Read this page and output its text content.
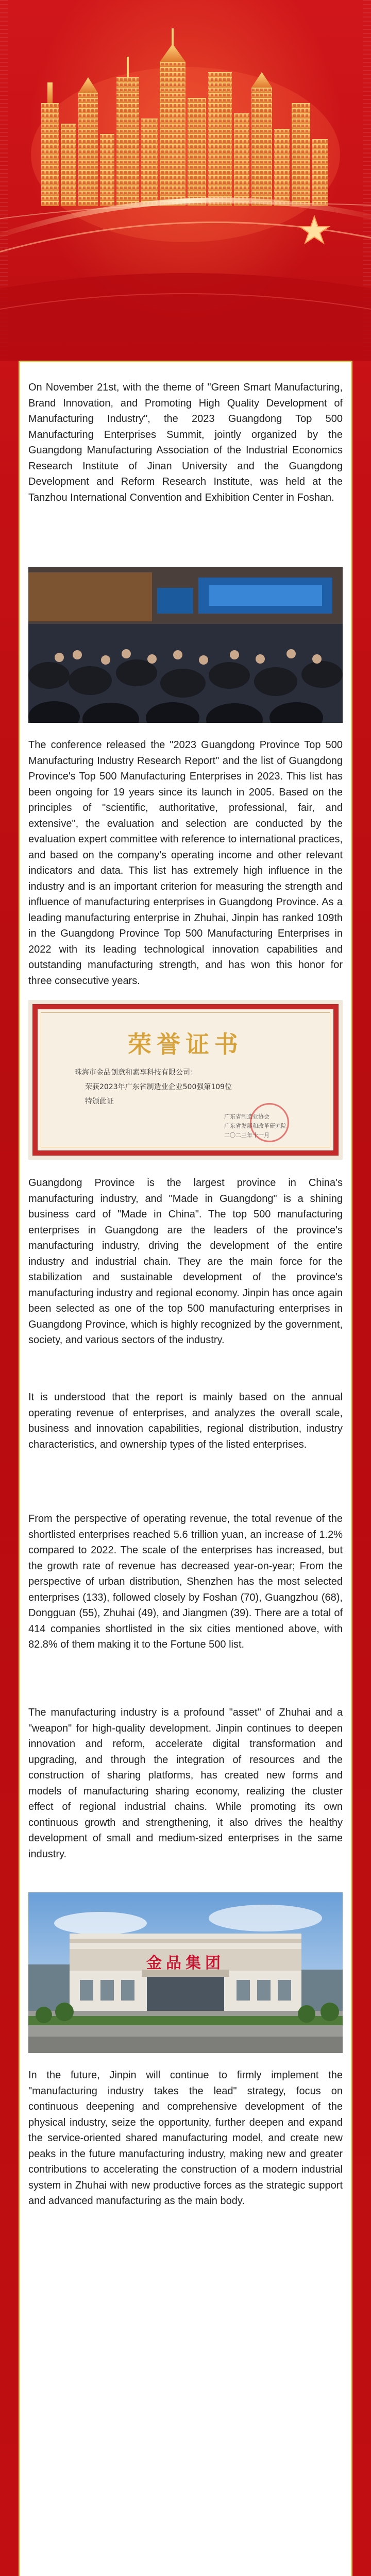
On November 21st, with the theme of "Green Smart Manufacturing, Brand Innovation, and Promoting High Quality Development of Manufacturing Industry", the 2023 Guangdong Top 500 Manufacturing Enterprises Summit, jointly organized by the Guangdong Manufacturing Association of the Industrial Economics Research Institute of Jinan University and the Guangdong Development and Reform Research Institute, was held at the Tanzhou International Convention and Exhibition Center in Foshan.

The conference released the "2023 Guangdong Province Top 500 Manufacturing Industry Research Report" and the list of Guangdong Province's Top 500 Manufacturing Enterprises in 2023. This list has been ongoing for 19 years since its launch in 2005. Based on the principles of "scientific, authoritative, professional, fair, and extensive", the evaluation and selection are conducted by the evaluation expert committee with reference to international practices, and based on the company's operating income and other relevant indicators and data. This list has extremely high influence in the industry and is an important criterion for measuring the strength and influence of manufacturing enterprises in Guangdong Province. As a leading manufacturing enterprise in Zhuhai, Jinpin has ranked 109th in the Guangdong Province Top 500 Manufacturing Enterprises in 2022 with its leading technological innovation capabilities and outstanding manufacturing strength, and has won this honor for three consecutive years.

荣誉证书
珠海市金品创意和素享科技有限公司：
荣获2023年广东省制造业企业500强第109位
特颁此证
广东省制造业协会
广东省发展和改革研究院
二〇二三年十一月

Guangdong Province is the largest province in China's manufacturing industry, and "Made in Guangdong" is a shining business card of "Made in China". The top 500 manufacturing enterprises in Guangdong are the leaders of the province's manufacturing industry, driving the development of the entire industry and industrial chain. They are the main force for the stabilization and sustainable development of the province's manufacturing industry and regional economy. Jinpin has once again been selected as one of the top 500 manufacturing enterprises in Guangdong Province, which is highly recognized by the government, society, and various sectors of the industry.

It is understood that the report is mainly based on the annual operating revenue of enterprises, and analyzes the overall scale, business and innovation capabilities, regional distribution, industry characteristics, and ownership types of the listed enterprises.

From the perspective of operating revenue, the total revenue of the shortlisted enterprises reached 5.6 trillion yuan, an increase of 1.2% compared to 2022. The scale of the enterprises has increased, but the growth rate of revenue has decreased year-on-year; From the perspective of urban distribution, Shenzhen has the most selected enterprises (133), followed closely by Foshan (70), Guangzhou (68), Dongguan (55), Zhuhai (49), and Jiangmen (39). There are a total of 414 companies shortlisted in the six cities mentioned above, with 82.8% of them making it to the Fortune 500 list.

The manufacturing industry is a profound "asset" of Zhuhai and a "weapon" for high-quality development. Jinpin continues to deepen innovation and reform, accelerate digital transformation and upgrading, and through the integration of resources and the construction of sharing platforms, has created new forms and models of manufacturing sharing economy, realizing the cluster effect of regional industrial chains. While promoting its own continuous growth and strengthening, it also drives the healthy development of small and medium-sized enterprises in the same industry.

金品集团

In the future, Jinpin will continue to firmly implement the "manufacturing industry takes the lead" strategy, focus on continuous deepening and comprehensive development of the physical industry, seize the opportunity, further deepen and expand the service-oriented shared manufacturing model, and create new peaks in the future manufacturing industry, making new and greater contributions to accelerating the construction of a modern industrial system in Zhuhai with new productive forces as the strategic support and advanced manufacturing as the main body.
